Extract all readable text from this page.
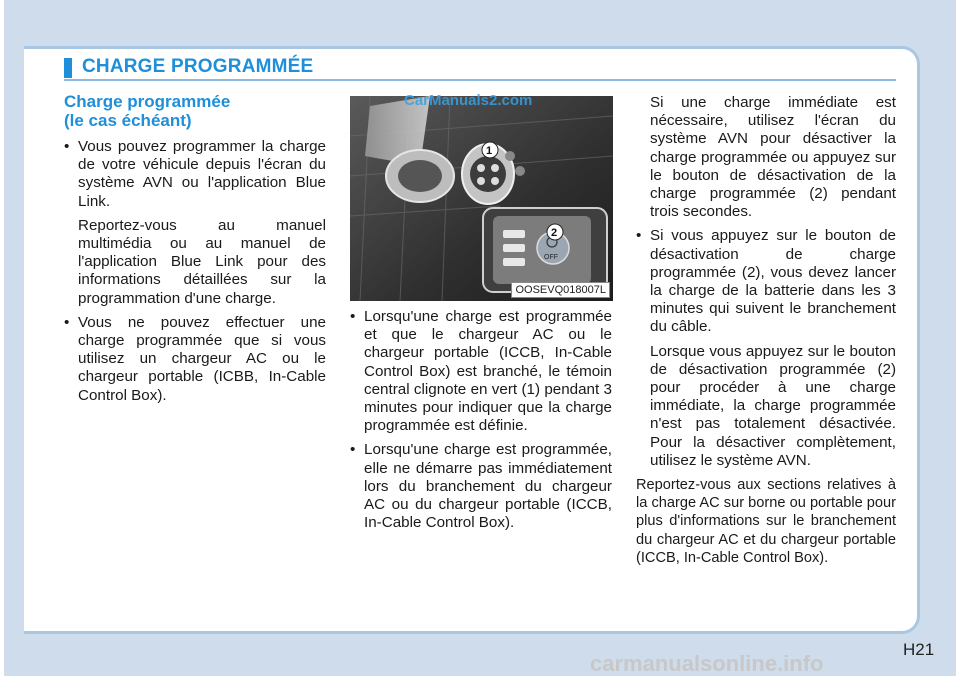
CHARGE PROGRAMMÉE
Charge programmée
(le cas échéant)
• Vous pouvez programmer la charge de votre véhicule depuis l'écran du système AVN ou l'application Blue Link.
Reportez-vous au manuel multimédia ou au manuel de l'application Blue Link pour des informations détaillées sur la programmation d'une charge.
• Vous ne pouvez effectuer une charge programmée que si vous utilisez un chargeur AC ou le chargeur portable (ICBB, In-Cable Control Box).
OFF
1
2
OOSEVQ018007L
CarManuals2.com
• Lorsqu'une charge est programmée et que le chargeur AC ou le chargeur portable (ICCB, In-Cable Control Box) est branché, le témoin central clignote en vert (1) pendant 3 minutes pour indiquer que la charge programmée est définie.
• Lorsqu'une charge est programmée, elle ne démarre pas immédiatement lors du branchement du chargeur AC ou du chargeur portable (ICCB, In-Cable Control Box).
Si une charge immédiate est nécessaire, utilisez l'écran du système AVN pour désactiver la charge programmée ou appuyez sur le bouton de désactivation de la charge programmée (2) pendant trois secondes.
• Si vous appuyez sur le bouton de désactivation de charge programmée (2), vous devez lancer la charge de la batterie dans les 3 minutes qui suivent le branchement du câble.
Lorsque vous appuyez sur le bouton de désactivation programmée (2) pour procéder à une charge immédiate, la charge programmée n'est pas totalement désactivée. Pour la désactiver complètement, utilisez le système AVN.
Reportez-vous aux sections relatives à la charge AC sur borne ou portable pour plus d'informations sur le branchement du chargeur AC et du chargeur portable (ICCB, In-Cable Control Box).
H21
carmanualsonline.info
